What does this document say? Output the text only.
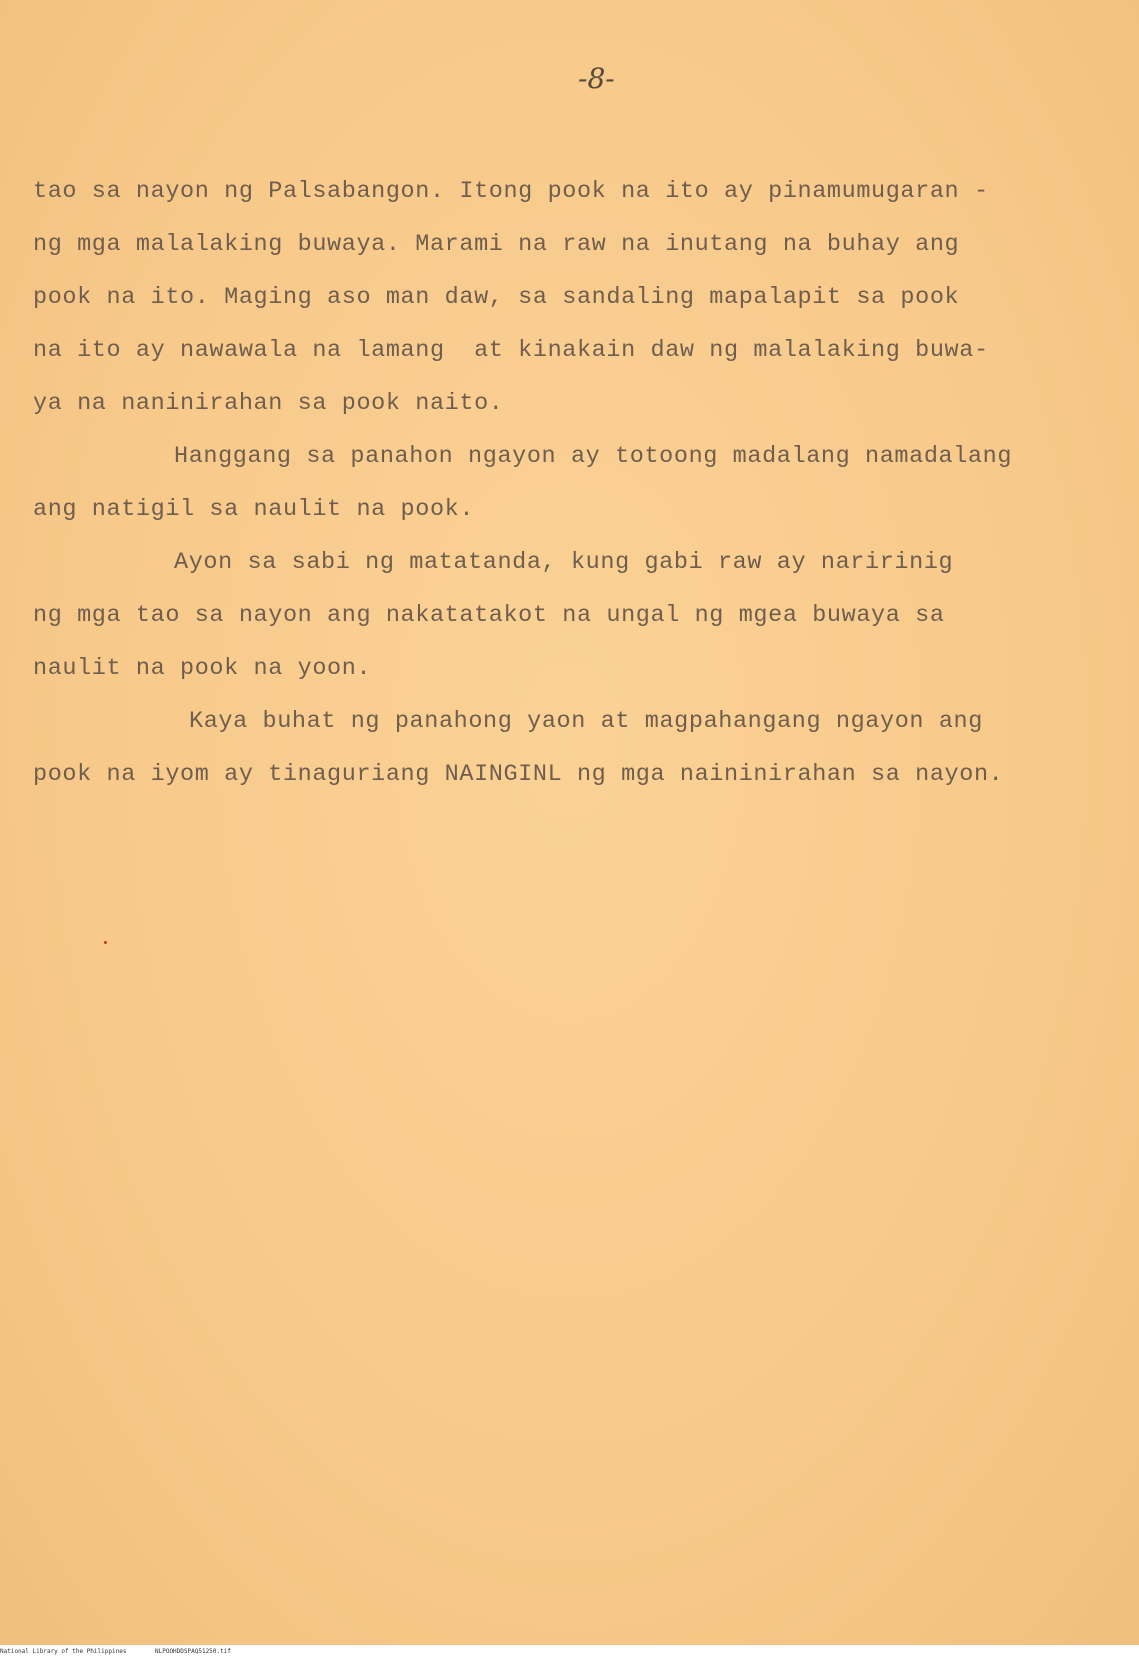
-8-
tao sa nayon ng Palsabangon. Itong pook na ito ay pinamumugaran -
ng mga malalaking buwaya. Marami na raw na inutang na buhay ang
pook na ito. Maging aso man daw, sa sandaling mapalapit sa pook
na ito ay nawawala na lamang  at kinakain daw ng malalaking buwa-
ya na naninirahan sa pook naito.
Hanggang sa panahon ngayon ay totoong madalang namadalang
ang natigil sa naulit na pook.
Ayon sa sabi ng matatanda, kung gabi raw ay naririnig
ng mga tao sa nayon ang nakatatakot na ungal ng mgea buwaya sa
naulit na pook na yoon.
Kaya buhat ng panahong yaon at magpahangang ngayon ang
pook na iyom ay tinaguriang NAINGINL ng mga naininirahan sa nayon.
National Library of the Philippines	NLPOOHDDSPAQ51250.tif
